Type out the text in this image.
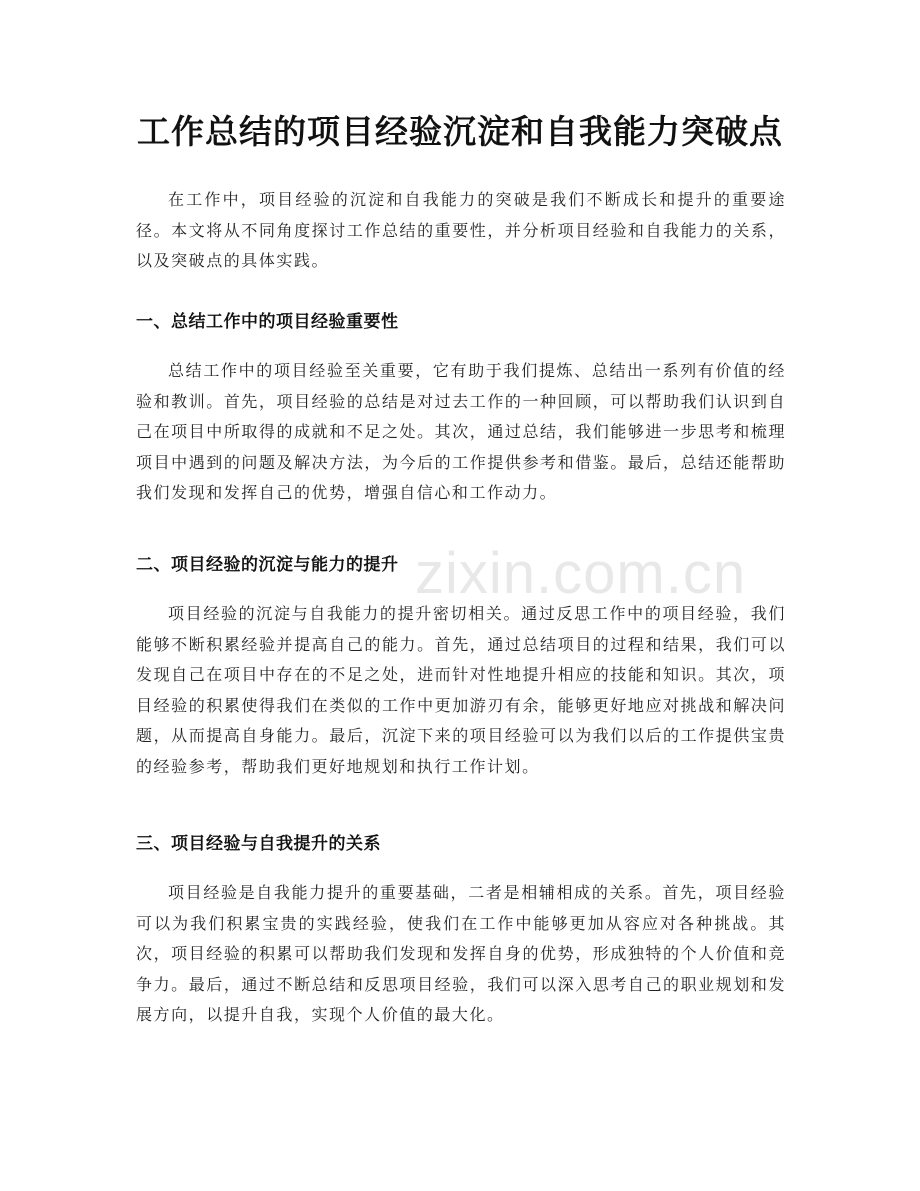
工作总结的项目经验沉淀和自我能力突破点

在工作中，项目经验的沉淀和自我能力的突破是我们不断成长和提升的重要途径。本文将从不同角度探讨工作总结的重要性，并分析项目经验和自我能力的关系，以及突破点的具体实践。

一、总结工作中的项目经验重要性

总结工作中的项目经验至关重要，它有助于我们提炼、总结出一系列有价值的经验和教训。首先，项目经验的总结是对过去工作的一种回顾，可以帮助我们认识到自己在项目中所取得的成就和不足之处。其次，通过总结，我们能够进一步思考和梳理项目中遇到的问题及解决方法，为今后的工作提供参考和借鉴。最后，总结还能帮助我们发现和发挥自己的优势，增强自信心和工作动力。

二、项目经验的沉淀与能力的提升

项目经验的沉淀与自我能力的提升密切相关。通过反思工作中的项目经验，我们能够不断积累经验并提高自己的能力。首先，通过总结项目的过程和结果，我们可以发现自己在项目中存在的不足之处，进而针对性地提升相应的技能和知识。其次，项目经验的积累使得我们在类似的工作中更加游刃有余，能够更好地应对挑战和解决问题，从而提高自身能力。最后，沉淀下来的项目经验可以为我们以后的工作提供宝贵的经验参考，帮助我们更好地规划和执行工作计划。

三、项目经验与自我提升的关系

项目经验是自我能力提升的重要基础，二者是相辅相成的关系。首先，项目经验可以为我们积累宝贵的实践经验，使我们在工作中能够更加从容应对各种挑战。其次，项目经验的积累可以帮助我们发现和发挥自身的优势，形成独特的个人价值和竞争力。最后，通过不断总结和反思项目经验，我们可以深入思考自己的职业规划和发展方向，以提升自我，实现个人价值的最大化。

zixin.com.cn
